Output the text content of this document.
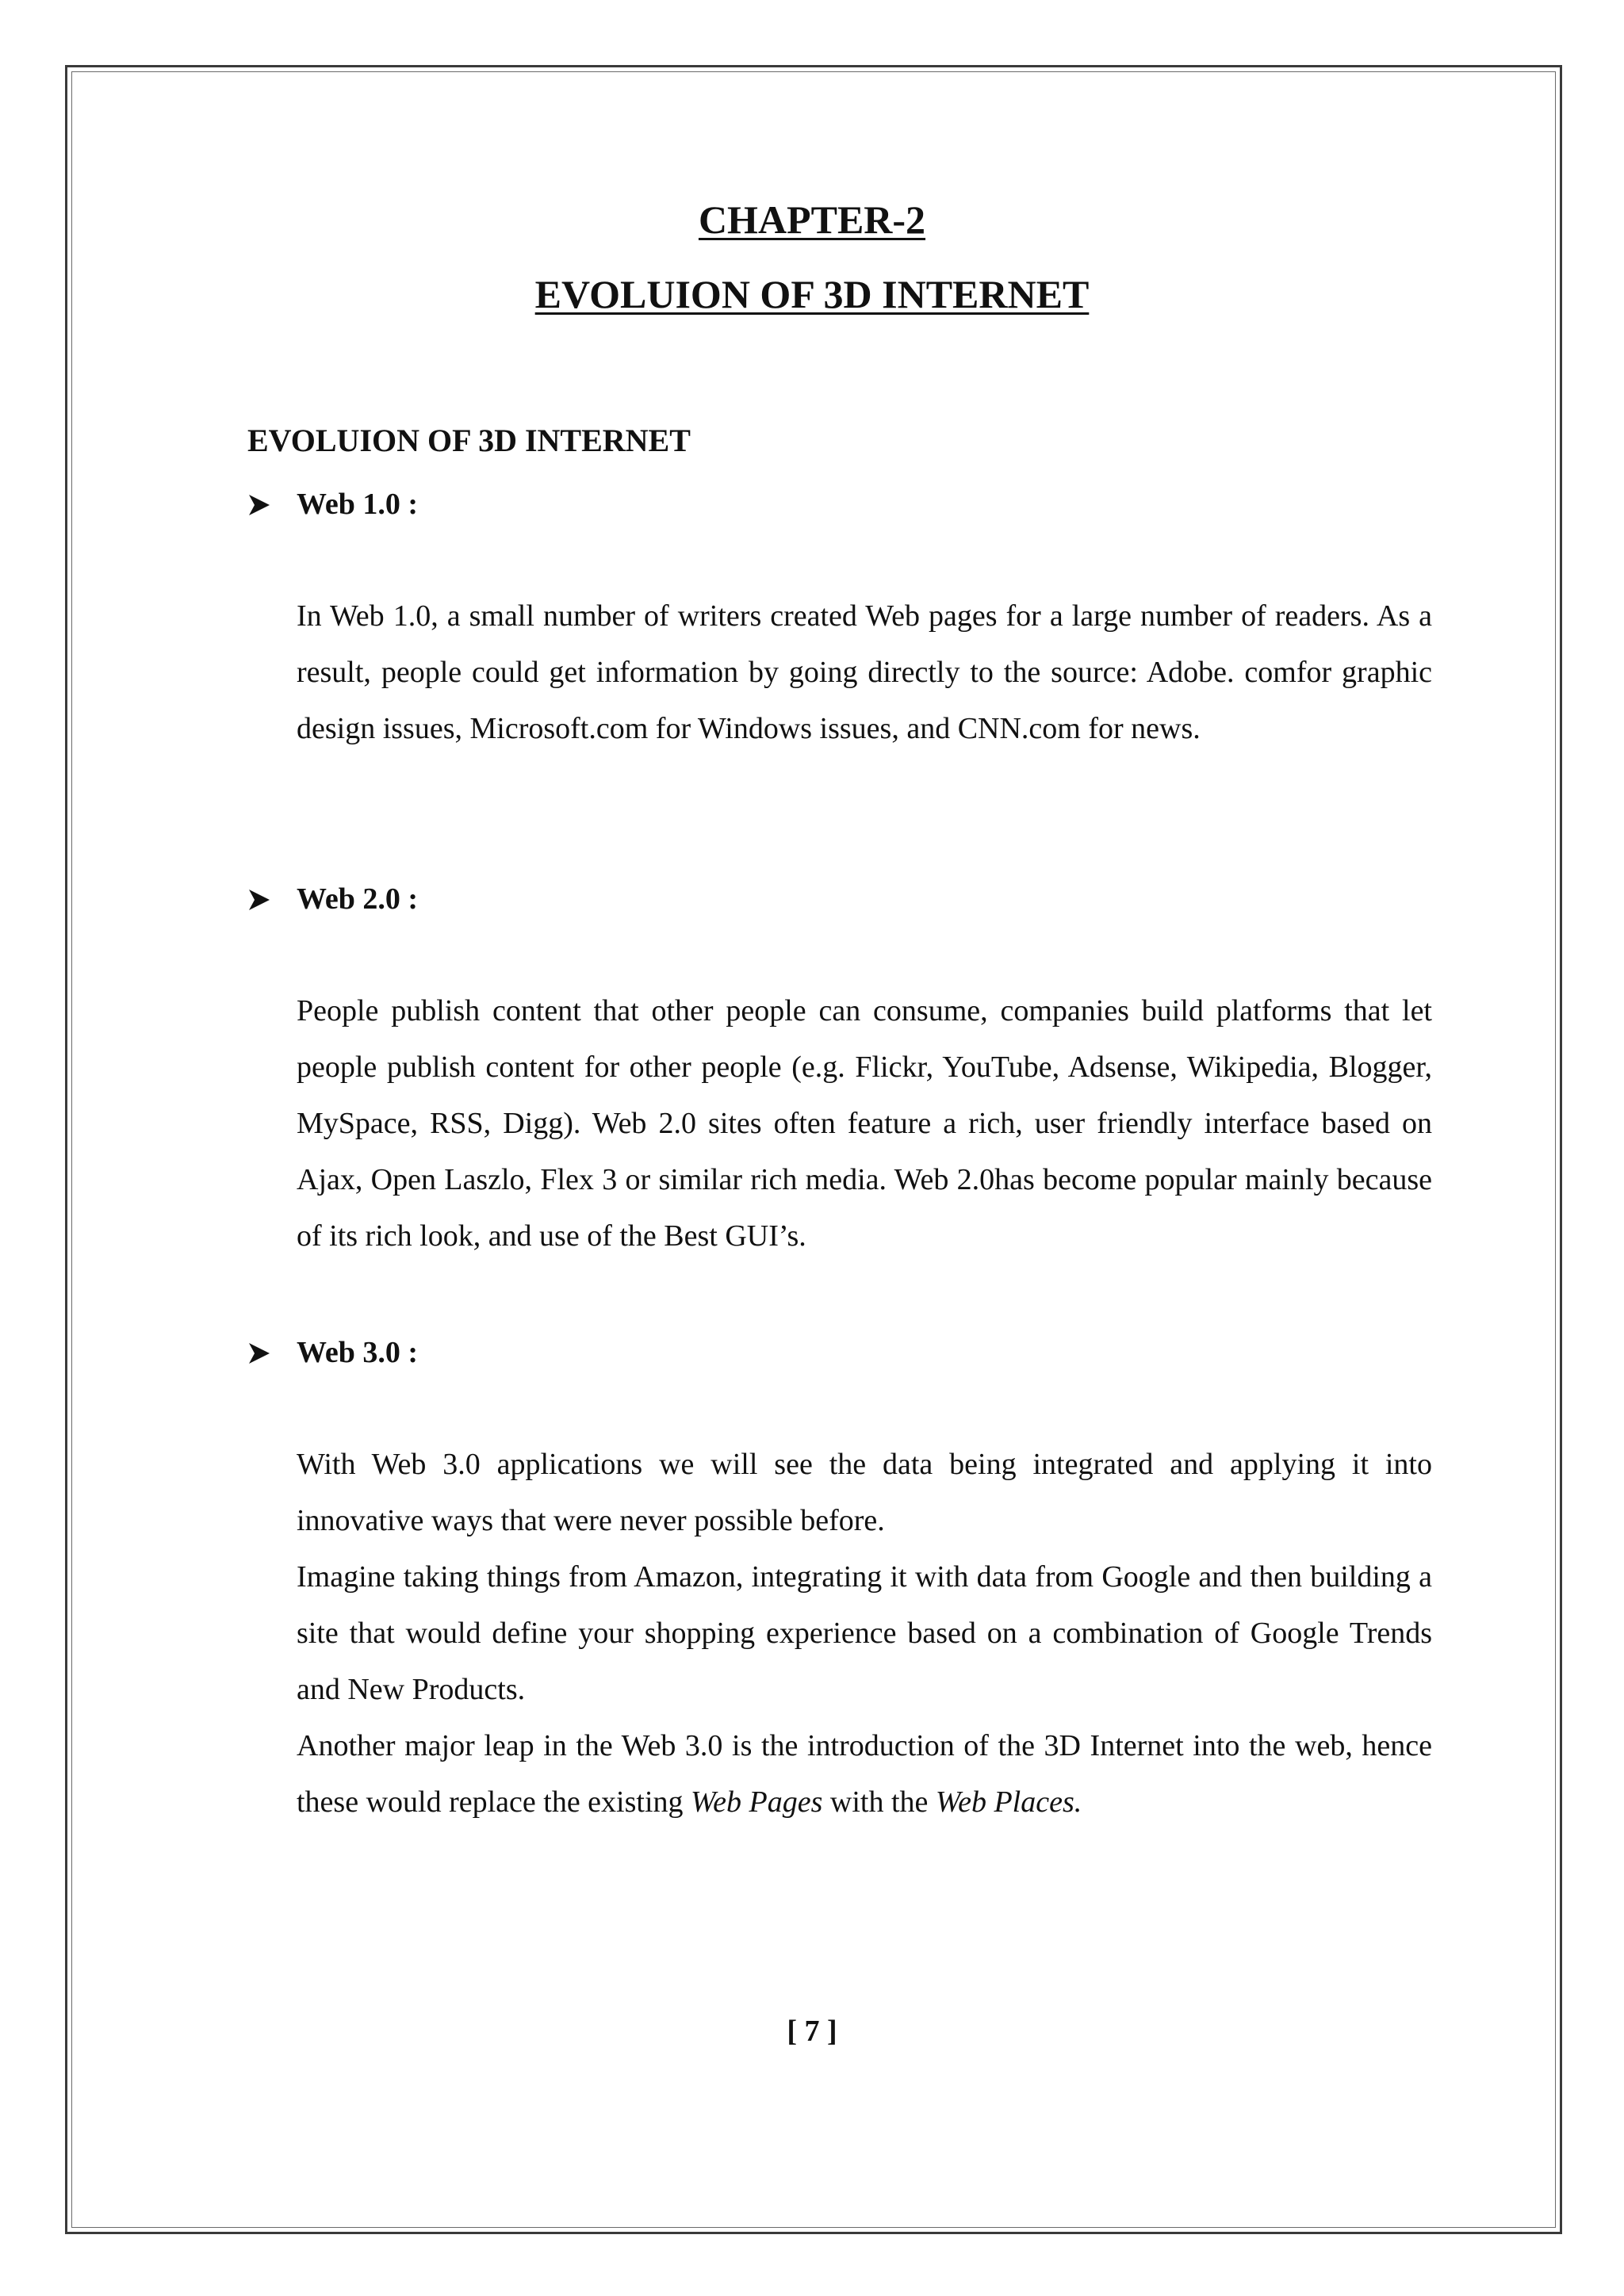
CHAPTER-2
EVOLUION OF 3D INTERNET
EVOLUION OF 3D INTERNET
Web 1.0 :

In Web 1.0, a small number of writers created Web pages for a large number of readers. As a result, people could get information by going directly to the source: Adobe. comfor graphic design issues, Microsoft.com for Windows issues, and CNN.com for news.

Web 2.0 :

People publish content that other people can consume, companies build platforms that let people publish content for other people (e.g. Flickr, YouTube, Adsense, Wikipedia, Blogger, MySpace, RSS, Digg). Web 2.0 sites often feature a rich, user friendly interface based on Ajax, Open Laszlo, Flex 3 or similar rich media. Web 2.0has become popular mainly because of its rich look, and use of the Best GUI’s.

Web 3.0 :
With Web 3.0 applications we will see the data being integrated and applying it into innovative ways that were never possible before.
Imagine taking things from Amazon, integrating it with data from Google and then building a site that would define your shopping experience based on a combination of Google Trends and New Products.
Another major leap in the Web 3.0 is the introduction of the 3D Internet into the web, hence these would replace the existing Web Pages with the Web Places.

[ 7 ]
